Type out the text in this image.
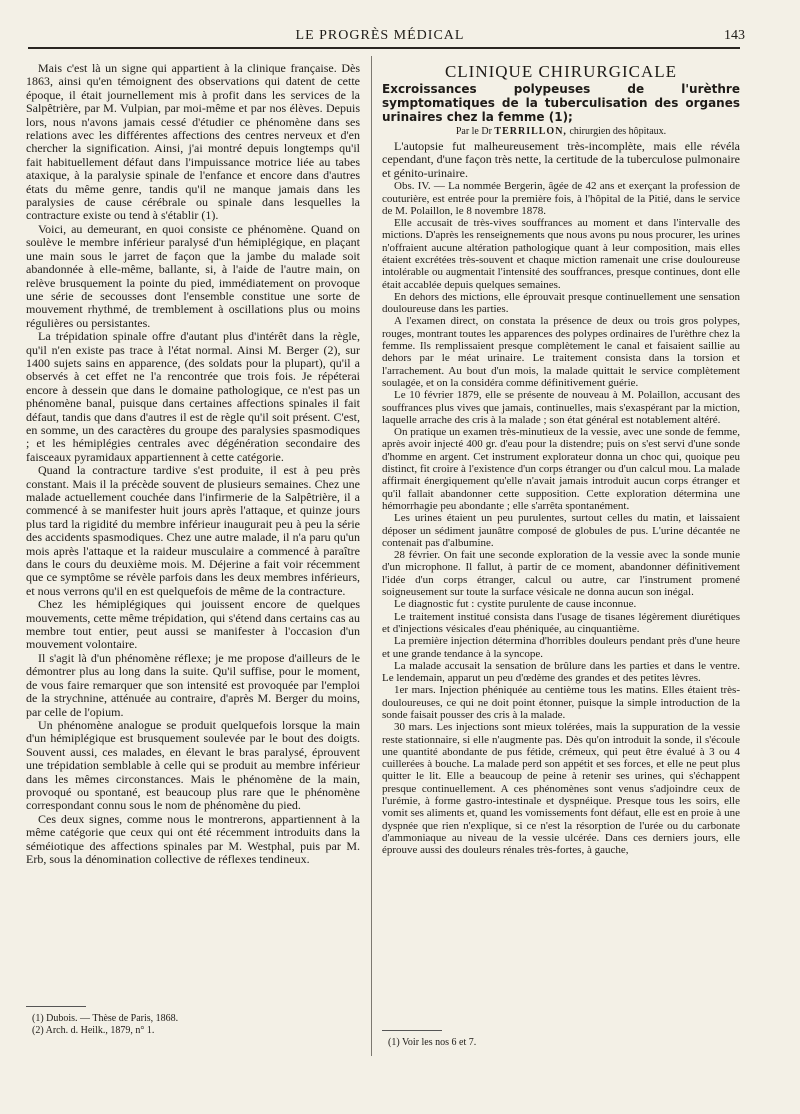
LE PROGRÈS MÉDICAL	143

Mais c'est là un signe qui appartient à la clinique française. Dès 1863, ainsi qu'en témoignent des observations qui datent de cette époque, il était journellement mis à profit dans les services de la Salpêtrière, par M. Vulpian, par moi-même et par nos élèves. Depuis lors, nous n'avons jamais cessé d'étudier ce phénomène dans ses relations avec les différentes affections des centres nerveux et d'en chercher la signification. Ainsi, j'ai montré depuis longtemps qu'il fait habituellement défaut dans l'impuissance motrice liée au tabes ataxique, à la paralysie spinale de l'enfance et encore dans d'autres états du même genre, tandis qu'il ne manque jamais dans les paralysies de cause cérébrale ou spinale dans lesquelles la contracture existe ou tend à s'établir (1).

Voici, au demeurant, en quoi consiste ce phénomène. Quand on soulève le membre inférieur paralysé d'un hémiplégique, en plaçant une main sous le jarret de façon que la jambe du malade soit abandonnée à elle-même, ballante, si, à l'aide de l'autre main, on relève brusquement la pointe du pied, immédiatement on provoque une série de secousses dont l'ensemble constitue une sorte de mouvement rhythmé, de tremblement à oscillations plus ou moins régulières ou persistantes.

La trépidation spinale offre d'autant plus d'intérêt dans la règle, qu'il n'en existe pas trace à l'état normal. Ainsi M. Berger (2), sur 1400 sujets sains en apparence, (des soldats pour la plupart), qu'il a observés à cet effet ne l'a rencontrée que trois fois. Je répéterai encore à dessein que dans le domaine pathologique, ce n'est pas un phénomène banal, puisque dans certaines affections spinales il fait défaut, tandis que dans d'autres il est de règle qu'il soit présent. C'est, en somme, un des caractères du groupe des paralysies spasmodiques ; et les hémiplégies centrales avec dégénération secondaire des faisceaux pyramidaux appartiennent à cette catégorie.

Quand la contracture tardive s'est produite, il est à peu près constant. Mais il la précède souvent de plusieurs semaines. Chez une malade actuellement couchée dans l'infirmerie de la Salpêtrière, il a commencé à se manifester huit jours après l'attaque, et quinze jours plus tard la rigidité du membre inférieur inaugurait peu à peu la série des accidents spasmodiques. Chez une autre malade, il n'a paru qu'un mois après l'attaque et la raideur musculaire a commencé à paraître dans le cours du deuxième mois. M. Déjerine a fait voir récemment que ce symptôme se révèle parfois dans les deux membres inférieurs, et nous verrons qu'il en est quelquefois de même de la contracture.

Chez les hémiplégiques qui jouissent encore de quelques mouvements, cette même trépidation, qui s'étend dans certains cas au membre tout entier, peut aussi se manifester à l'occasion d'un mouvement volontaire.

Il s'agit là d'un phénomène réflexe; je me propose d'ailleurs de le démontrer plus au long dans la suite. Qu'il suffise, pour le moment, de vous faire remarquer que son intensité est provoquée par l'emploi de la strychnine, atténuée au contraire, d'après M. Berger du moins, par celle de l'opium.

Un phénomène analogue se produit quelquefois lorsque la main d'un hémiplégique est brusquement soulevée par le bout des doigts. Souvent aussi, ces malades, en élevant le bras paralysé, éprouvent une trépidation semblable à celle qui se produit au membre inférieur dans les mêmes circonstances. Mais le phénomène de la main, provoqué ou spontané, est beaucoup plus rare que le phénomène correspondant connu sous le nom de phénomène du pied.

Ces deux signes, comme nous le montrerons, appartiennent à la même catégorie que ceux qui ont été récemment introduits dans la séméiotique des affections spinales par M. Westphal, puis par M. Erb, sous la dénomination collective de réflexes tendineux.

(1) Dubois. — Thèse de Paris, 1868.
(2) Arch. d. Heilk., 1879, n° 1.

CLINIQUE CHIRURGICALE

Excroissances polypeuses de l'urèthre symptomatiques de la tuberculisation des organes urinaires chez la femme (1);

Par le Dr TERRILLON, chirurgien des hôpitaux.

L'autopsie fut malheureusement très-incomplète, mais elle révéla cependant, d'une façon très nette, la certitude de la tuberculose pulmonaire et génito-urinaire.

Obs. IV. — La nommée Bergerin, âgée de 42 ans et exerçant la profession de couturière, est entrée pour la première fois, à l'hôpital de la Pitié, dans le service de M. Polaillon, le 8 novembre 1878.

Elle accusait de très-vives souffrances au moment et dans l'intervalle des mictions. D'après les renseignements que nous avons pu nous procurer, les urines n'offraient aucune altération pathologique quant à leur composition, mais elles étaient excrétées très-souvent et chaque miction ramenait une crise douloureuse intolérable ou augmentait l'intensité des souffrances, presque continues, dont elle était accablée depuis quelques semaines.

En dehors des mictions, elle éprouvait presque continuellement une sensation douloureuse dans les parties.

A l'examen direct, on constata la présence de deux ou trois gros polypes, rouges, montrant toutes les apparences des polypes ordinaires de l'urèthre chez la femme. Ils remplissaient presque complètement le canal et faisaient saillie au dehors par le méat urinaire. Le traitement consista dans la torsion et l'arrachement. Au bout d'un mois, la malade quittait le service complètement soulagée, et on la considéra comme définitivement guérie.

Le 10 février 1879, elle se présente de nouveau à M. Polaillon, accusant des souffrances plus vives que jamais, continuelles, mais s'exaspérant par la miction, laquelle arrache des cris à la malade ; son état général est notablement altéré.

On pratique un examen très-minutieux de la vessie, avec une sonde de femme, après avoir injecté 400 gr. d'eau pour la distendre; puis on s'est servi d'une sonde d'homme en argent. Cet instrument explorateur donna un choc qui, quoique peu distinct, fit croire à l'existence d'un corps étranger ou d'un calcul mou. La malade affirmait énergiquement qu'elle n'avait jamais introduit aucun corps étranger et qu'il fallait abandonner cette supposition. Cette exploration détermina une hémorrhagie peu abondante ; elle s'arrêta spontanément.

Les urines étaient un peu purulentes, surtout celles du matin, et laissaient déposer un sédiment jaunâtre composé de globules de pus. L'urine décantée ne contenait pas d'albumine.

28 février. On fait une seconde exploration de la vessie avec la sonde munie d'un microphone. Il fallut, à partir de ce moment, abandonner définitivement l'idée d'un corps étranger, calcul ou autre, car l'instrument promené soigneusement sur toute la surface vésicale ne donna aucun son inégal.

Le diagnostic fut : cystite purulente de cause inconnue.

Le traitement institué consista dans l'usage de tisanes légèrement diurétiques et d'injections vésicales d'eau phéniquée, au cinquantième.

La première injection détermina d'horribles douleurs pendant près d'une heure et une grande tendance à la syncope.

La malade accusait la sensation de brûlure dans les parties et dans le ventre. Le lendemain, apparut un peu d'œdème des grandes et des petites lèvres.

1er mars. Injection phéniquée au centième tous les matins. Elles étaient très-douloureuses, ce qui ne doit point étonner, puisque la simple introduction de la sonde faisait pousser des cris à la malade.

30 mars. Les injections sont mieux tolérées, mais la suppuration de la vessie reste stationnaire, si elle n'augmente pas. Dès qu'on introduit la sonde, il s'écoule une quantité abondante de pus fétide, crémeux, qui peut être évalué à 3 ou 4 cuillerées à bouche. La malade perd son appétit et ses forces, et elle ne peut plus quitter le lit. Elle a beaucoup de peine à retenir ses urines, qui s'échappent presque continuellement. A ces phénomènes sont venus s'adjoindre ceux de l'urémie, à forme gastro-intestinale et dyspnéique. Presque tous les soirs, elle vomit ses aliments et, quand les vomissements font défaut, elle est en proie à une dyspnée que rien n'explique, si ce n'est la résorption de l'urée ou du carbonate d'ammoniaque au niveau de la vessie ulcérée. Dans ces derniers jours, elle éprouve aussi des douleurs rénales très-fortes, à gauche,

(1) Voir les nos 6 et 7.
